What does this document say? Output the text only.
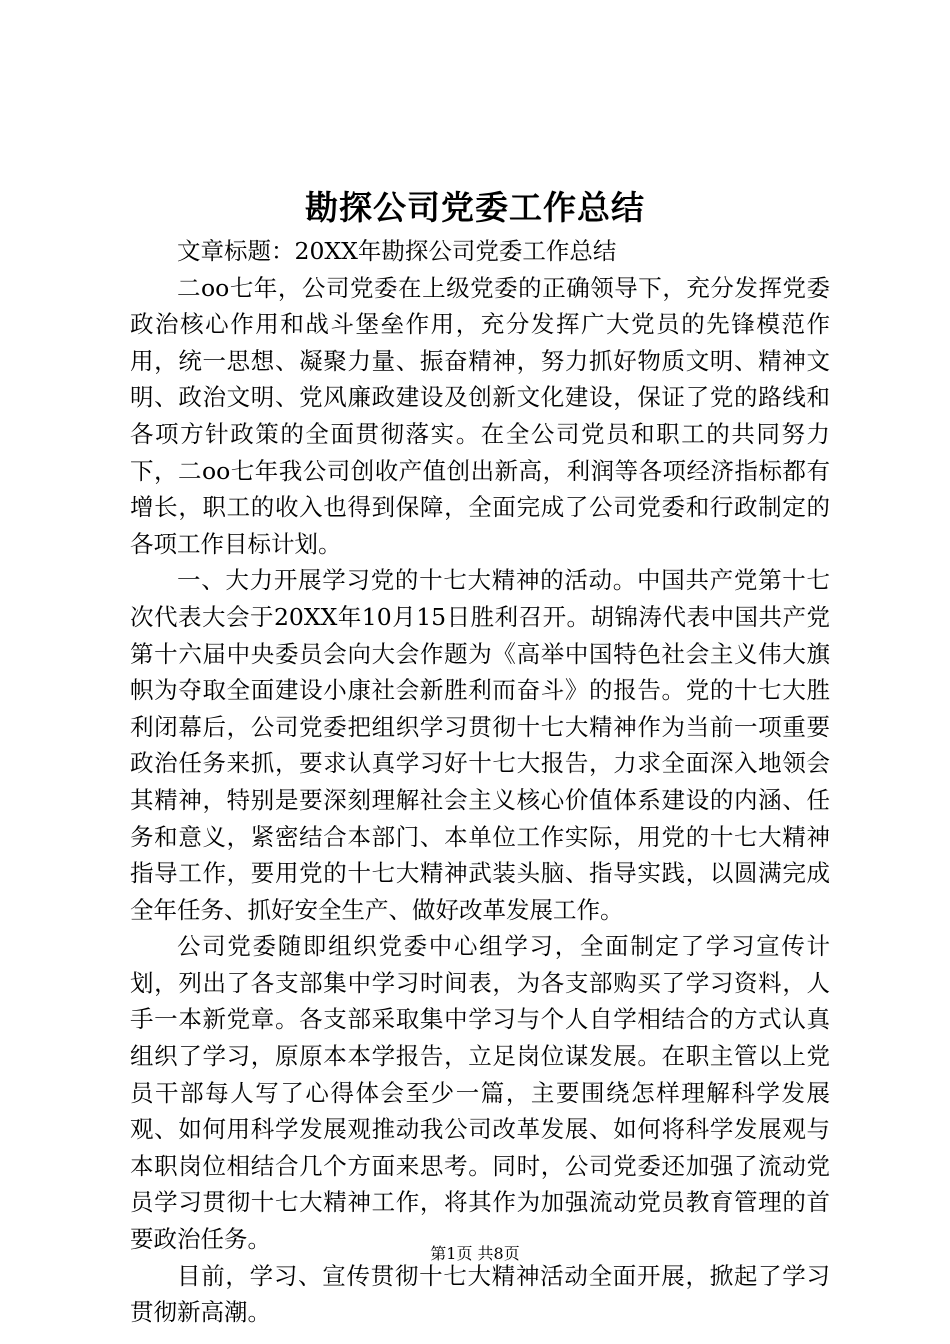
勘探公司党委工作总结

文章标题：20XX年勘探公司党委工作总结

二oo七年，公司党委在上级党委的正确领导下，充分发挥党委政治核心作用和战斗堡垒作用，充分发挥广大党员的先锋模范作用，统一思想、凝聚力量、振奋精神，努力抓好物质文明、精神文明、政治文明、党风廉政建设及创新文化建设，保证了党的路线和各项方针政策的全面贯彻落实。在全公司党员和职工的共同努力下，二oo七年我公司创收产值创出新高，利润等各项经济指标都有增长，职工的收入也得到保障，全面完成了公司党委和行政制定的各项工作目标计划。

一、大力开展学习党的十七大精神的活动。中国共产党第十七次代表大会于20XX年10月15日胜利召开。胡锦涛代表中国共产党第十六届中央委员会向大会作题为《高举中国特色社会主义伟大旗帜为夺取全面建设小康社会新胜利而奋斗》的报告。党的十七大胜利闭幕后，公司党委把组织学习贯彻十七大精神作为当前一项重要政治任务来抓，要求认真学习好十七大报告，力求全面深入地领会其精神，特别是要深刻理解社会主义核心价值体系建设的内涵、任务和意义，紧密结合本部门、本单位工作实际，用党的十七大精神指导工作，要用党的十七大精神武装头脑、指导实践，以圆满完成全年任务、抓好安全生产、做好改革发展工作。

公司党委随即组织党委中心组学习，全面制定了学习宣传计划，列出了各支部集中学习时间表，为各支部购买了学习资料，人手一本新党章。各支部采取集中学习与个人自学相结合的方式认真组织了学习，原原本本学报告，立足岗位谋发展。在职主管以上党员干部每人写了心得体会至少一篇，主要围绕怎样理解科学发展观、如何用科学发展观推动我公司改革发展、如何将科学发展观与本职岗位相结合几个方面来思考。同时，公司党委还加强了流动党员学习贯彻十七大精神工作，将其作为加强流动党员教育管理的首要政治任务。

目前，学习、宣传贯彻十七大精神活动全面开展，掀起了学习贯彻新高潮。

第1页 共8页
